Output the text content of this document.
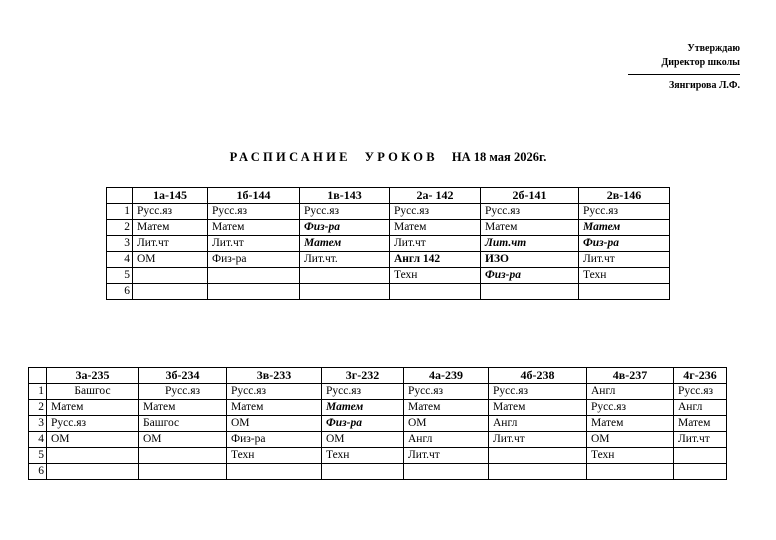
Утверждаю
Директор школы
Зянгирова Л.Ф.
РАСПИСАНИЕ УРОКОВ НА 18 мая 2026г.
	1а-145	1б-144	1в-143	2а- 142	2б-141	2в-146
1	Русс.яз	Русс.яз	Русс.яз	Русс.яз	Русс.яз	Русс.яз
2	Матем	Матем	Физ-ра	Матем	Матем	Матем
3	Лит.чт	Лит.чт	Матем	Лит.чт	Лит.чт	Физ-ра
4	ОМ	Физ-ра	Лит.чт.	Англ 142	ИЗО	Лит.чт
5				Техн	Физ-ра	Техн
6						
	3а-235	3б-234	3в-233	3г-232	4а-239	4б-238	4в-237	4г-236
1	Башгос	Русс.яз	Русс.яз	Русс.яз	Русс.яз	Русс.яз	Англ	Русс.яз
2	Матем	Матем	Матем	Матем	Матем	Матем	Русс.яз	Англ
3	Русс.яз	Башгос	ОМ	Физ-ра	ОМ	Англ	Матем	Матем
4	ОМ	ОМ	Физ-ра	ОМ	Англ	Лит.чт	ОМ	Лит.чт
5			Техн	Техн	Лит.чт		Техн	
6								
